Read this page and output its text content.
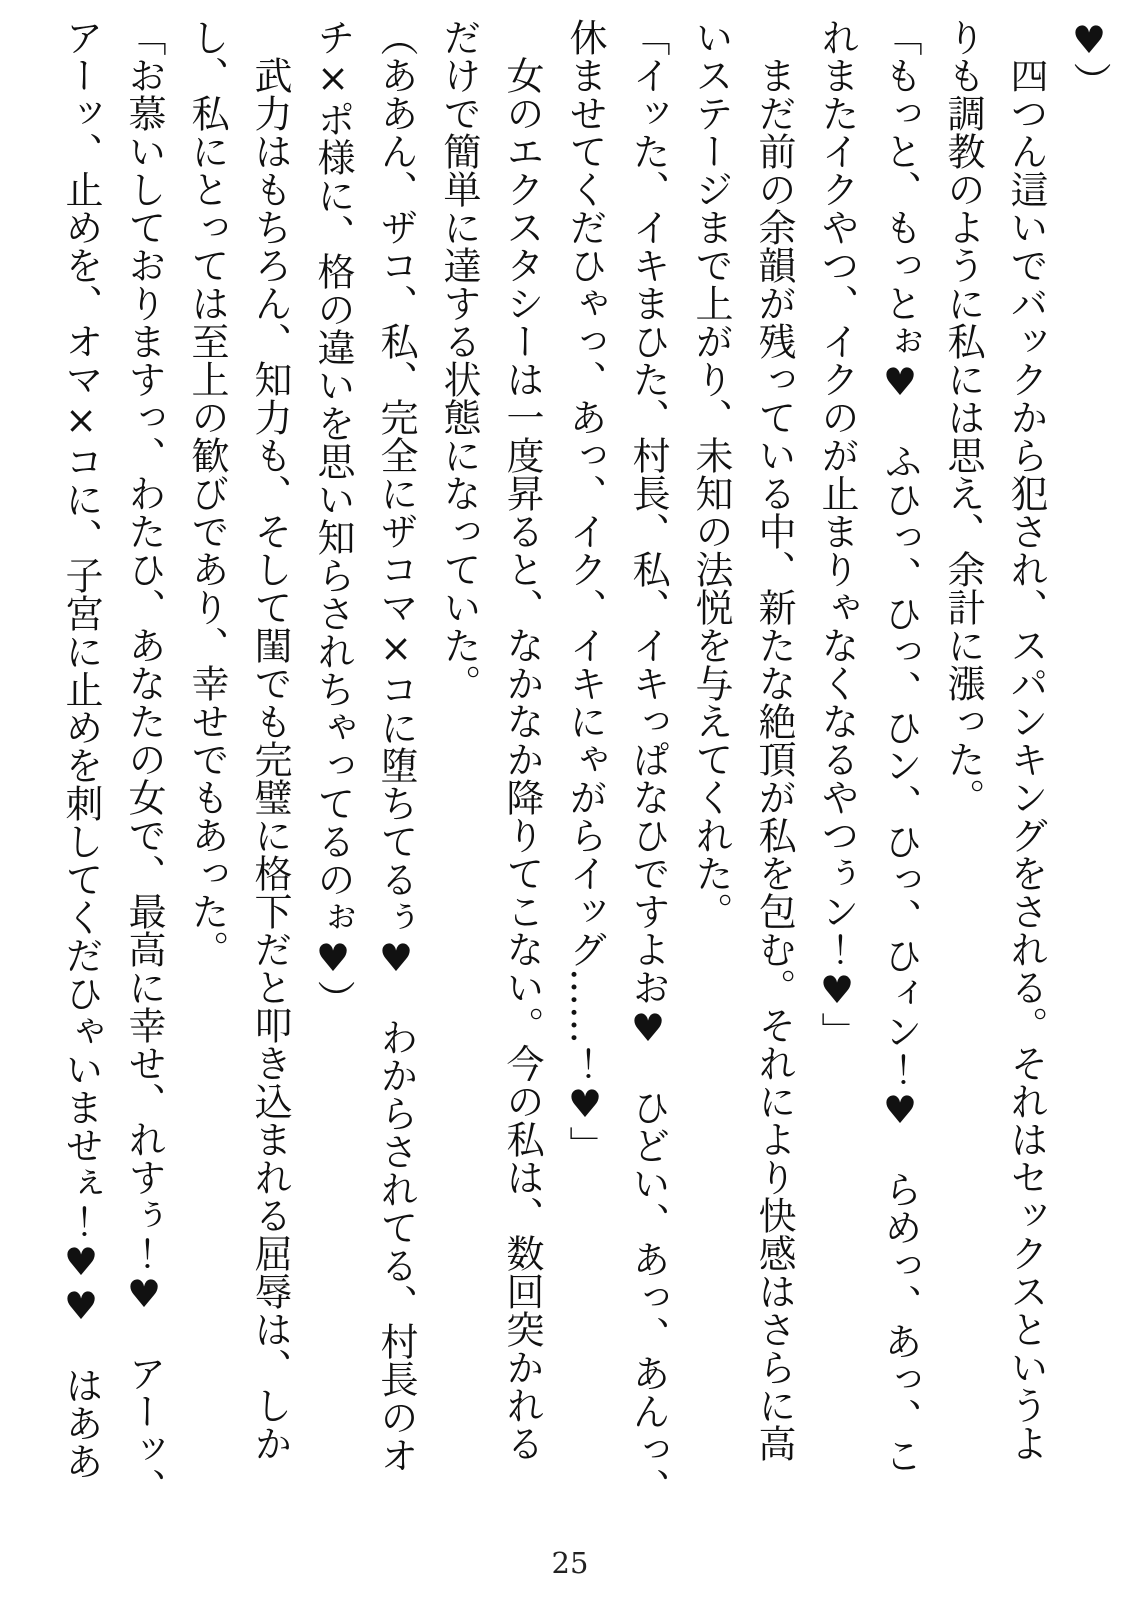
♥）

　四つん這いでバックから犯され、スパンキングをされる。それはセックスというよ

りも調教のように私には思え、余計に漲った。

「もっと、もっとぉ♥　ふひっ、ひっ、ひン、ひっ、ひィン！♥　らめっ、あっ、こ

れまたイクやつ、イクのが止まりゃなくなるやつぅン！♥」

　まだ前の余韻が残っている中、新たな絶頂が私を包む。それにより快感はさらに高

いステージまで上がり、未知の法悦を与えてくれた。

「イッた、イキまひた、村長、私、イキっぱなひですよお♥　ひどい、あっ、あんっ、

休ませてくだひゃっ、あっ、イク、イキにゃがらイッグ……！♥」

　女のエクスタシーは一度昇ると、なかなか降りてこない。今の私は、数回突かれる

だけで簡単に達する状態になっていた。

（ああん、ザコ、私、完全にザコマ×コに堕ちてるぅ♥　わからされてる、村長のオ

チ×ポ様に、格の違いを思い知らされちゃってるのぉ♥）

　武力はもちろん、知力も、そして閨でも完璧に格下だと叩き込まれる屈辱は、しか

し、私にとっては至上の歓びであり、幸せでもあった。

「お慕いしておりますっ、わたひ、あなたの女で、最高に幸せ、れすぅ！♥　アーッ、

アーッ、止めを、オマ×コに、子宮に止めを刺してくだひゃいませぇ！♥♥　はああ

25
